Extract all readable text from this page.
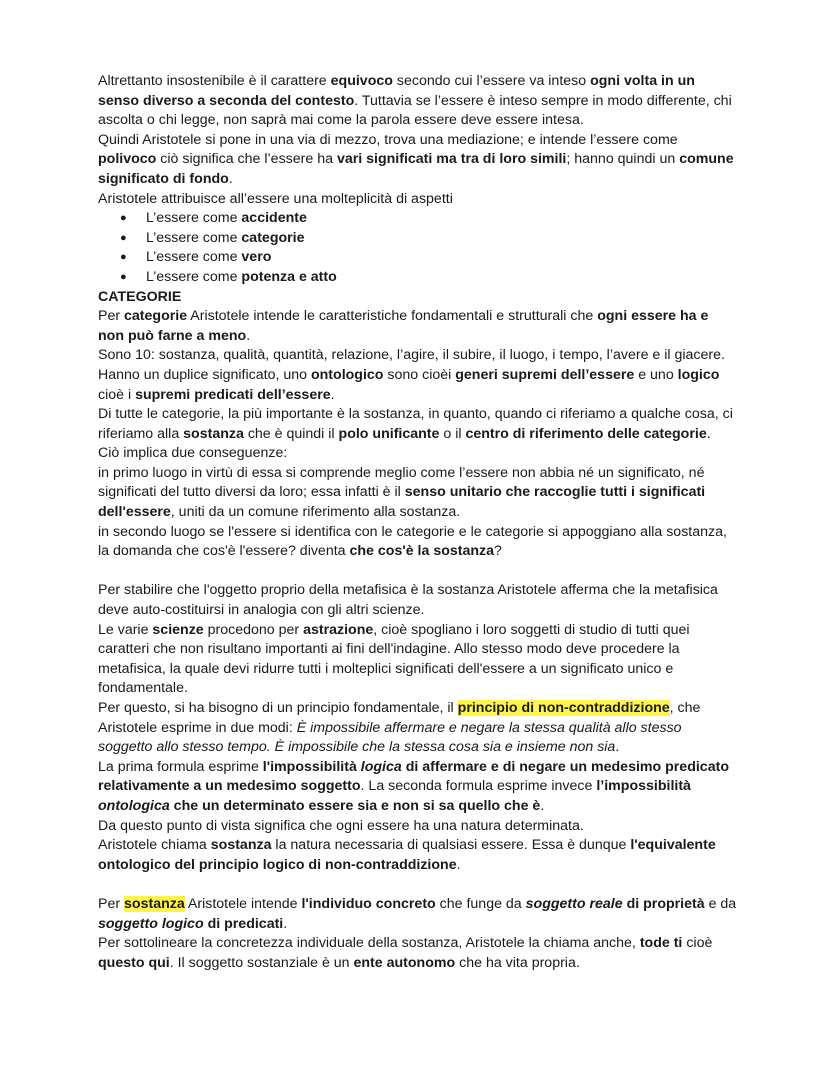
Altrettanto insostenibile è il carattere equivoco secondo cui l’essere va inteso ogni volta in un senso diverso a seconda del contesto. Tuttavia se l’essere è inteso sempre in modo differente, chi ascolta o chi legge, non saprà mai come la parola essere deve essere intesa.

Quindi Aristotele si pone in una via di mezzo, trova una mediazione; e intende l’essere come polivoco ciò significa che l’essere ha vari significati ma tra di loro simili; hanno quindi un comune significato di fondo.

Aristotele attribuisce all’essere una molteplicità di aspetti

● L’essere come accidente
● L’essere come categorie
● L’essere come vero
● L’essere come potenza e atto

CATEGORIE

Per categorie Aristotele intende le caratteristiche fondamentali e strutturali che ogni essere ha e non può farne a meno.

Sono 10: sostanza, qualità, quantità, relazione, l’agire, il subire, il luogo, i tempo, l’avere e il giacere.

Hanno un duplice significato, uno ontologico sono cioèi generi supremi dell’essere e uno logico cioè i supremi predicati dell’essere.

Di tutte le categorie, la più importante è la sostanza, in quanto, quando ci riferiamo a qualche cosa, ci riferiamo alla sostanza che è quindi il polo unificante o il centro di riferimento delle categorie.

Ciò implica due conseguenze:

in primo luogo in virtù di essa si comprende meglio come l’essere non abbia né un significato, né significati del tutto diversi da loro; essa infatti è il senso unitario che raccoglie tutti i significati dell'essere, uniti da un comune riferimento alla sostanza.

in secondo luogo se l'essere si identifica con le categorie e le categorie si appoggiano alla sostanza, la domanda che cos'è l'essere? diventa che cos'è la sostanza?

Per stabilire che l'oggetto proprio della metafisica è la sostanza Aristotele afferma che la metafisica deve auto-costituirsi in analogia con gli altri scienze.

Le varie scienze procedono per astrazione, cioè spogliano i loro soggetti di studio di tutti quei caratteri che non risultano importanti ai fini dell'indagine. Allo stesso modo deve procedere la metafisica, la quale devi ridurre tutti i molteplici significati dell'essere a un significato unico e fondamentale.

Per questo, si ha bisogno di un principio fondamentale, il principio di non-contraddizione, che Aristotele esprime in due modi: È impossibile affermare e negare la stessa qualità allo stesso soggetto allo stesso tempo. È impossibile che la stessa cosa sia e insieme non sia.

La prima formula esprime l'impossibilità logica di affermare e di negare un medesimo predicato relativamente a un medesimo soggetto. La seconda formula esprime invece l’impossibilità ontologica che un determinato essere sia e non si sa quello che è.

Da questo punto di vista significa che ogni essere ha una natura determinata.

Aristotele chiama sostanza la natura necessaria di qualsiasi essere. Essa è dunque l'equivalente ontologico del principio logico di non-contraddizione.

Per sostanza Aristotele intende l'individuo concreto che funge da soggetto reale di proprietà e da soggetto logico di predicati.

Per sottolineare la concretezza individuale della sostanza, Aristotele la chiama anche, tode ti cioè questo qui. Il soggetto sostanziale è un ente autonomo che ha vita propria.
